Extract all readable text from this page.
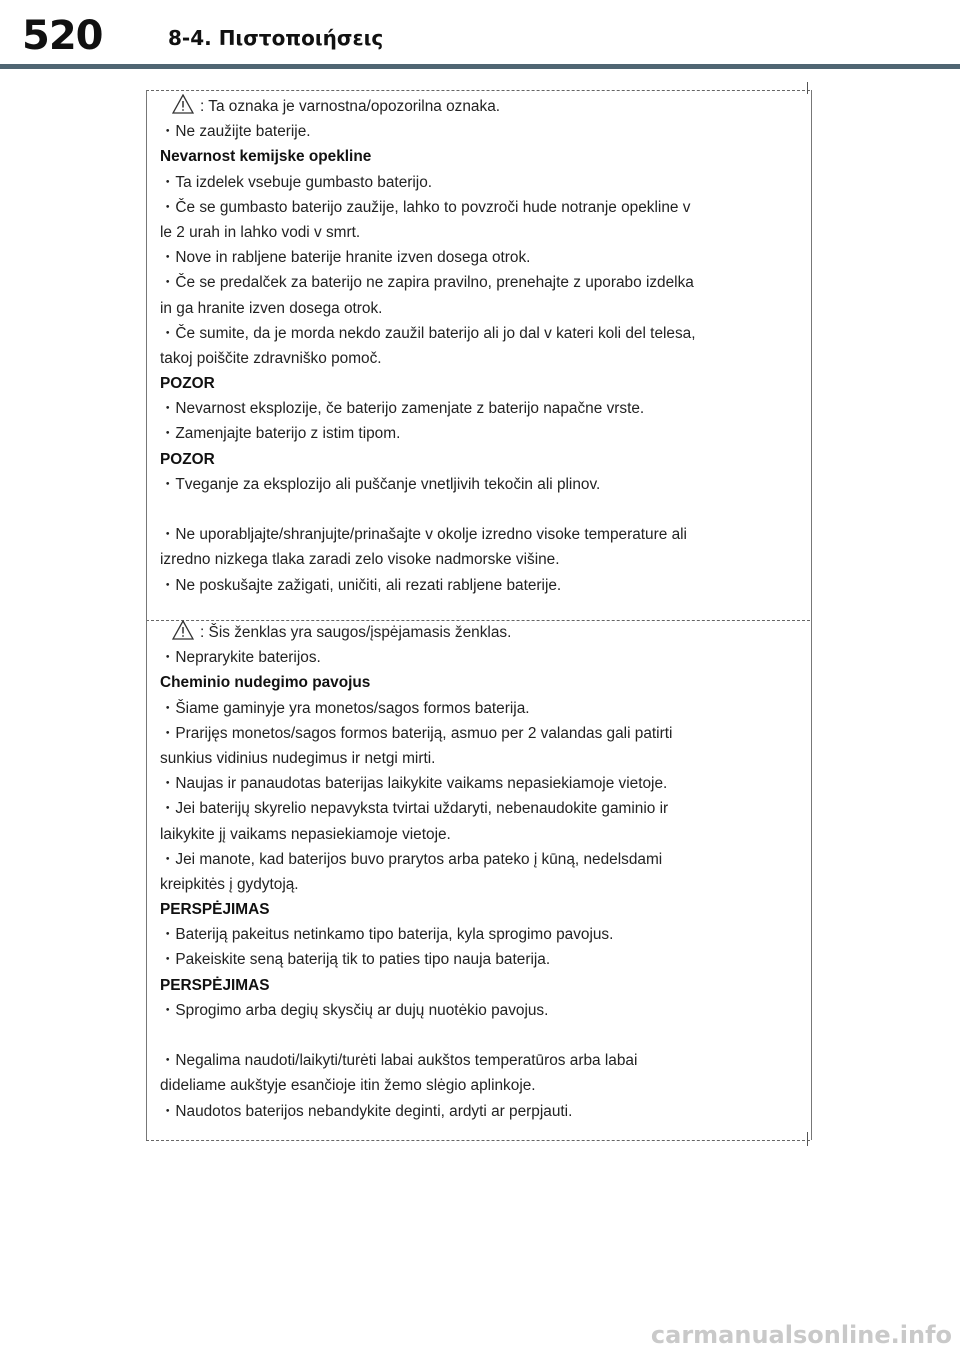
520	8-4. Πιστοποιήσεις
: Ta oznaka je varnostna/opozorilna oznaka.
・Ne zaužijte baterije.
Nevarnost kemijske opekline
・Ta izdelek vsebuje gumbasto baterijo.
・Če se gumbasto baterijo zaužije, lahko to povzroči hude notranje opekline v
le 2 urah in lahko vodi v smrt.
・Nove in rabljene baterije hranite izven dosega otrok.
・Če se predalček za baterijo ne zapira pravilno, prenehajte z uporabo izdelka
in ga hranite izven dosega otrok.
・Če sumite, da je morda nekdo zaužil baterijo ali jo dal v kateri koli del telesa,
takoj poiščite zdravniško pomoč.
POZOR
・Nevarnost eksplozije, če baterijo zamenjate z baterijo napačne vrste.
・Zamenjajte baterijo z istim tipom.
POZOR
・Tveganje za eksplozijo ali puščanje vnetljivih tekočin ali plinov.
・Ne uporabljajte/shranjujte/prinašajte v okolje izredno visoke temperature ali
izredno nizkega tlaka zaradi zelo visoke nadmorske višine.
・Ne poskušajte zažigati, uničiti, ali rezati rabljene baterije.
: Šis ženklas yra saugos/įspėjamasis ženklas.
・Neprarykite baterijos.
Cheminio nudegimo pavojus
・Šiame gaminyje yra monetos/sagos formos baterija.
・Prarijęs monetos/sagos formos bateriją, asmuo per 2 valandas gali patirti
sunkius vidinius nudegimus ir netgi mirti.
・Naujas ir panaudotas baterijas laikykite vaikams nepasiekiamoje vietoje.
・Jei baterijų skyrelio nepavyksta tvirtai uždaryti, nebenaudokite gaminio ir
laikykite jį vaikams nepasiekiamoje vietoje.
・Jei manote, kad baterijos buvo prarytos arba pateko į kūną, nedelsdami
kreipkitės į gydytoją.
PERSPĖJIMAS
・Bateriją pakeitus netinkamo tipo baterija, kyla sprogimo pavojus.
・Pakeiskite seną bateriją tik to paties tipo nauja baterija.
PERSPĖJIMAS
・Sprogimo arba degių skysčių ar dujų nuotėkio pavojus.
・Negalima naudoti/laikyti/turėti labai aukštos temperatūros arba labai
dideliame aukštyje esančioje itin žemo slėgio aplinkoje.
・Naudotos baterijos nebandykite deginti, ardyti ar perpjauti.
carmanualsonline.info
